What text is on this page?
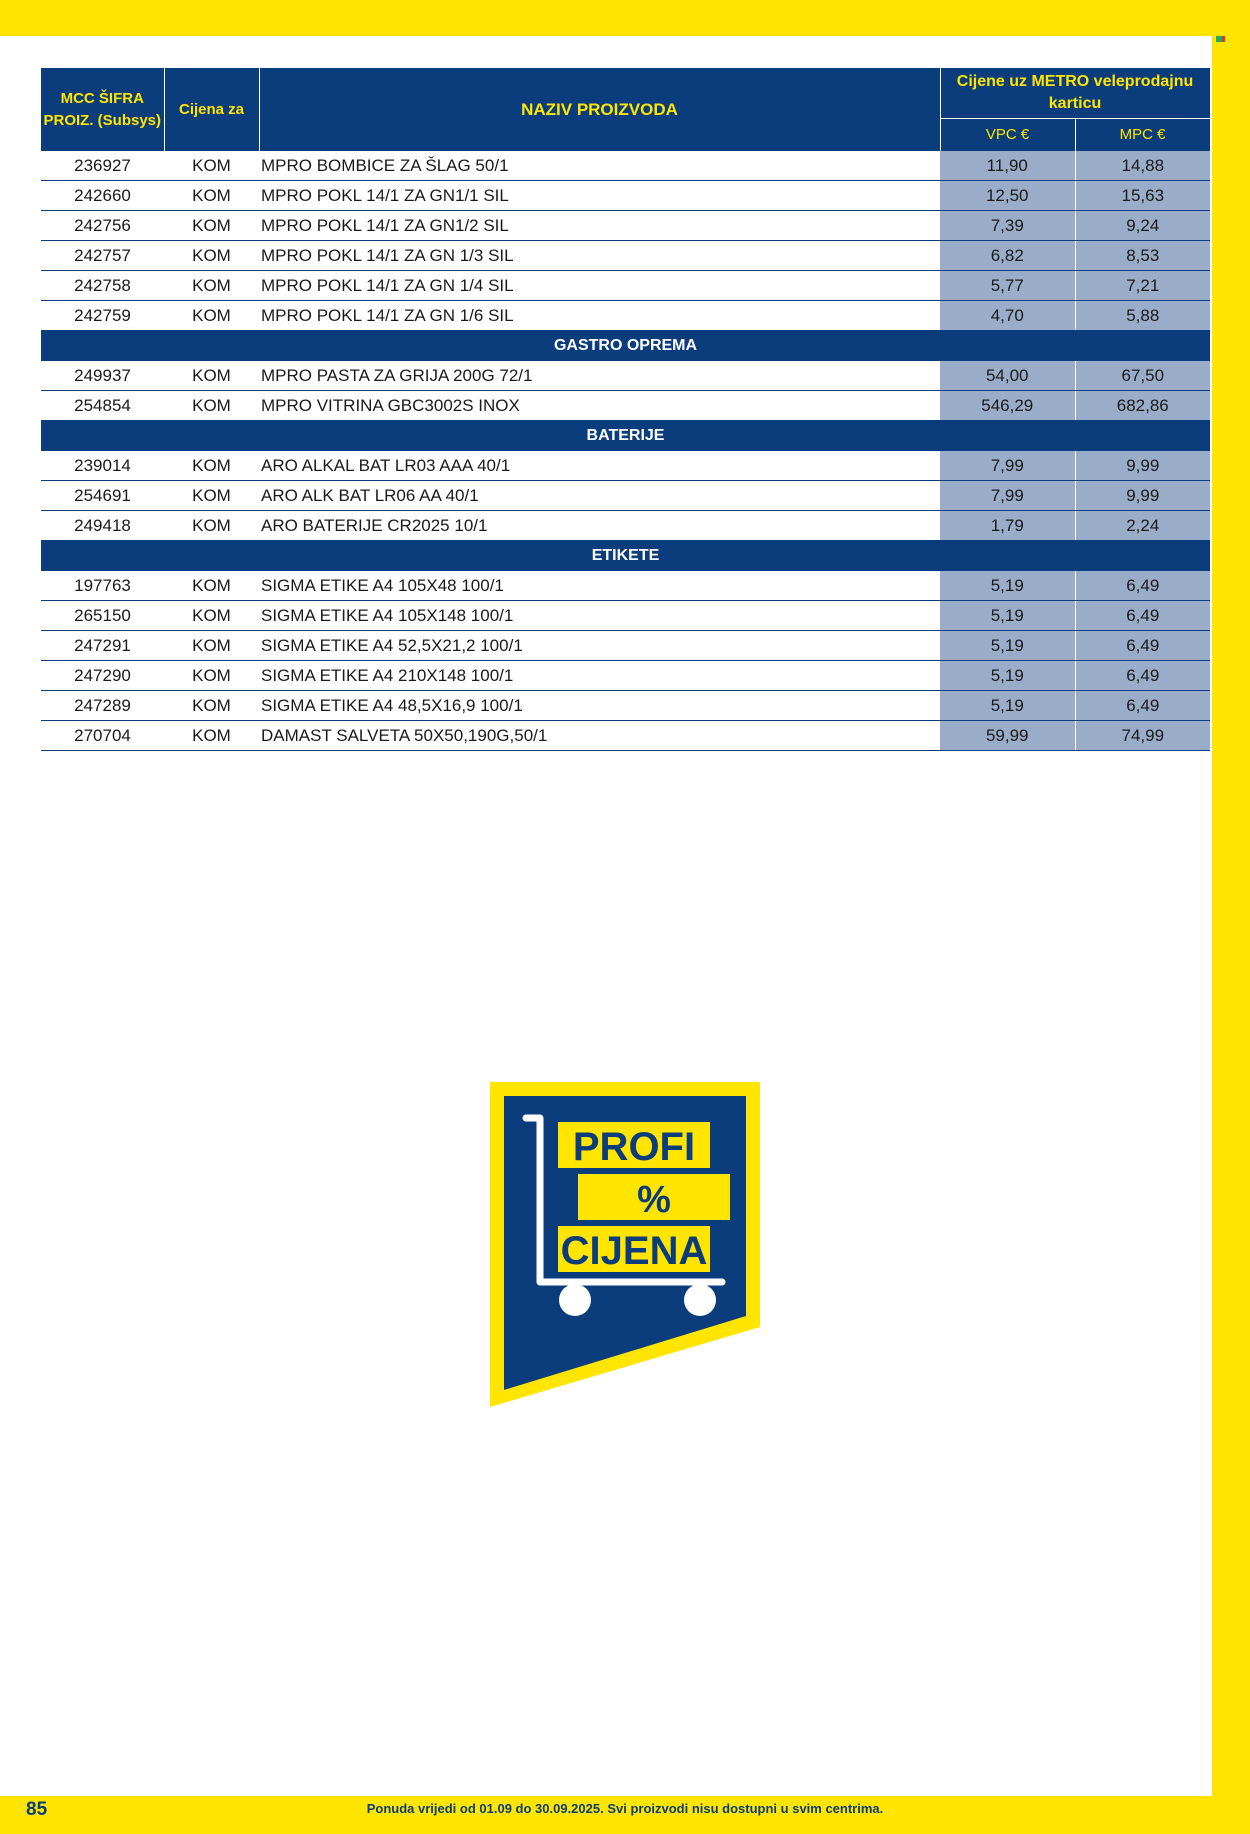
MCC ŠIFRA PROIZ. (Subsys)	Cijena za	NAZIV PROIZVODA	Cijene uz METRO veleprodajnu karticu	
			VPC €	MPC €
236927	KOM	MPRO BOMBICE ZA ŠLAG 50/1	11,90	14,88
242660	KOM	MPRO POKL 14/1 ZA GN1/1 SIL	12,50	15,63
242756	KOM	MPRO POKL 14/1 ZA GN1/2 SIL	7,39	9,24
242757	KOM	MPRO POKL 14/1 ZA GN 1/3 SIL	6,82	8,53
242758	KOM	MPRO POKL 14/1 ZA GN 1/4 SIL	5,77	7,21
242759	KOM	MPRO POKL 14/1 ZA GN 1/6 SIL	4,70	5,88
GASTRO OPREMA				
249937	KOM	MPRO PASTA ZA GRIJA 200G 72/1	54,00	67,50
254854	KOM	MPRO VITRINA GBC3002S INOX	546,29	682,86
BATERIJE				
239014	KOM	ARO ALKAL BAT LR03 AAA 40/1	7,99	9,99
254691	KOM	ARO ALK BAT LR06 AA 40/1	7,99	9,99
249418	KOM	ARO BATERIJE CR2025 10/1	1,79	2,24
ETIKETE				
197763	KOM	SIGMA ETIKE A4 105X48 100/1	5,19	6,49
265150	KOM	SIGMA ETIKE A4 105X148 100/1	5,19	6,49
247291	KOM	SIGMA ETIKE A4 52,5X21,2 100/1	5,19	6,49
247290	KOM	SIGMA ETIKE A4 210X148 100/1	5,19	6,49
247289	KOM	SIGMA ETIKE A4 48,5X16,9 100/1	5,19	6,49
270704	KOM	DAMAST SALVETA 50X50,190G,50/1	59,99	74,99
PROFI
%
CIJENA
85	Ponuda vrijedi od 01.09 do 30.09.2025. Svi proizvodi nisu dostupni u svim centrima.
